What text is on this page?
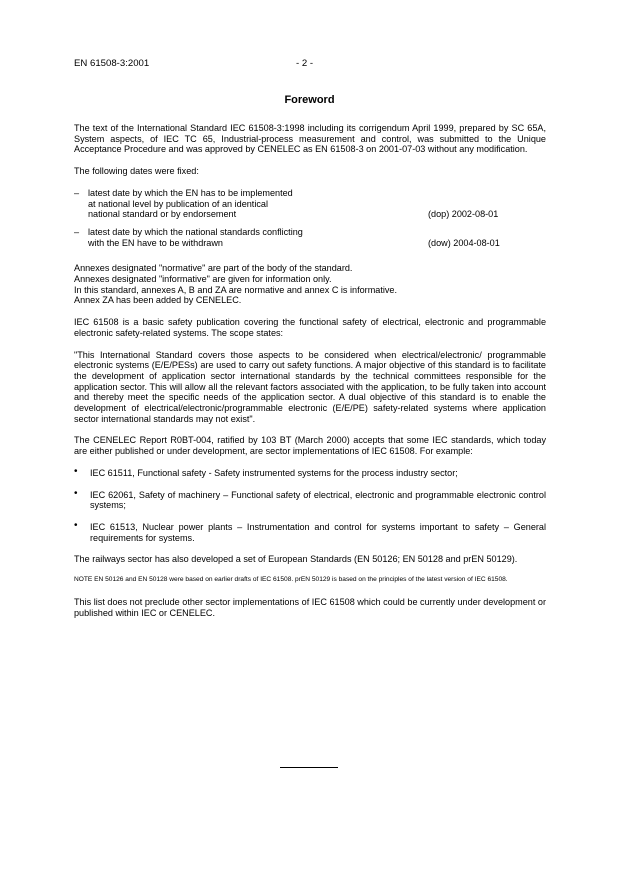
EN 61508-3:2001	- 2 -
Foreword

The text of the International Standard IEC 61508-3:1998 including its corrigendum April 1999, prepared by SC 65A, System aspects, of IEC TC 65, Industrial-process measurement and control, was submitted to the Unique Acceptance Procedure and was approved by CENELEC as EN 61508-3 on 2001-07-03 without any modification.

The following dates were fixed:

– latest date by which the EN has to be implemented
at national level by publication of an identical
national standard or by endorsement	(dop) 2002-08-01
– latest date by which the national standards conflicting
with the EN have to be withdrawn	(dow) 2004-08-01

Annexes designated "normative" are part of the body of the standard.
Annexes designated "informative" are given for information only.
In this standard, annexes A, B and ZA are normative and annex C is informative.
Annex ZA has been added by CENELEC.

IEC 61508 is a basic safety publication covering the functional safety of electrical, electronic and programmable electronic safety-related systems. The scope states:

"This International Standard covers those aspects to be considered when electrical/electronic/ programmable electronic systems (E/E/PESs) are used to carry out safety functions. A major objective of this standard is to facilitate the development of application sector international standards by the technical committees responsible for the application sector. This will allow all the relevant factors associated with the application, to be fully taken into account and thereby meet the specific needs of the application sector. A dual objective of this standard is to enable the development of electrical/electronic/programmable electronic (E/E/PE) safety-related systems where application sector international standards may not exist".

The CENELEC Report R0BT-004, ratified by 103 BT (March 2000) accepts that some IEC standards, which today are either published or under development, are sector implementations of IEC 61508. For example:

• IEC 61511, Functional safety - Safety instrumented systems for the process industry sector;
• IEC 62061, Safety of machinery – Functional safety of electrical, electronic and programmable electronic control systems;
• IEC 61513, Nuclear power plants – Instrumentation and control for systems important to safety – General requirements for systems.

The railways sector has also developed a set of European Standards (EN 50126; EN 50128 and prEN 50129).

NOTE EN 50126 and EN 50128 were based on earlier drafts of IEC 61508. prEN 50129 is based on the principles of the latest version of IEC 61508.

This list does not preclude other sector implementations of IEC 61508 which could be currently under development or published within IEC or CENELEC.
